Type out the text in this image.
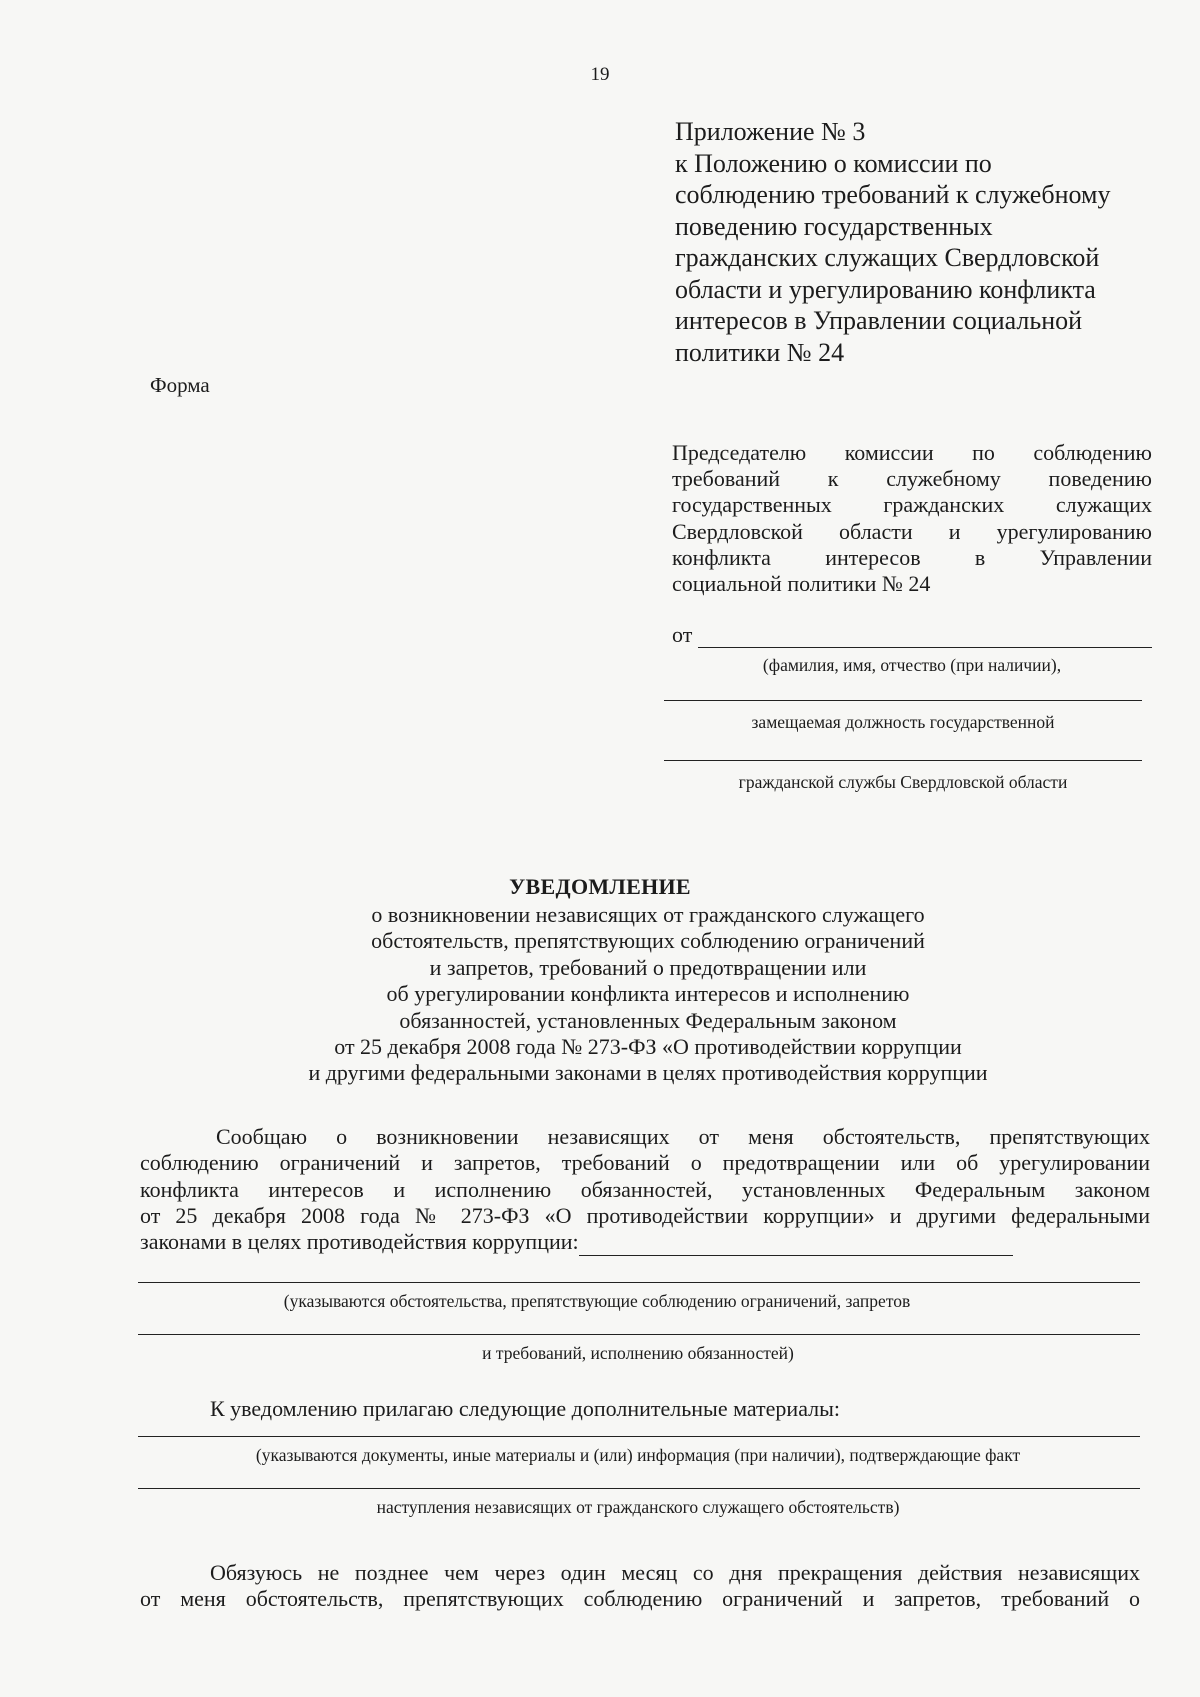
19
Приложение № 3
к Положению о комиссии по
соблюдению требований к служебному
поведению государственных
гражданских служащих Свердловской
области и урегулированию конфликта
интересов в Управлении социальной
политики № 24
Форма
Председателю комиссии по соблюдению
требований к служебному поведению
государственных гражданских служащих
Свердловской области и урегулированию
конфликта интересов в Управлении
социальной политики № 24
от
(фамилия, имя, отчество (при наличии),
замещаемая должность государственной
гражданской службы Свердловской области
УВЕДОМЛЕНИЕ
о возникновении независящих от гражданского служащего
обстоятельств, препятствующих соблюдению ограничений
и запретов, требований о предотвращении или
об урегулировании конфликта интересов и исполнению
обязанностей, установленных Федеральным законом
от 25 декабря 2008 года № 273-ФЗ «О противодействии коррупции
и другими федеральными законами в целях противодействия коррупции
Сообщаю о возникновении независящих от меня обстоятельств, препятствующих
соблюдению ограничений и запретов, требований о предотвращении или об урегулировании
конфликта интересов и исполнению обязанностей, установленных Федеральным законом
от 25 декабря 2008 года № 273-ФЗ «О противодействии коррупции» и другими федеральными
законами в целях противодействия коррупции:
(указываются обстоятельства, препятствующие соблюдению ограничений, запретов
и требований, исполнению обязанностей)
К уведомлению прилагаю следующие дополнительные материалы:
(указываются документы, иные материалы и (или) информация (при наличии), подтверждающие факт
наступления независящих от гражданского служащего обстоятельств)
Обязуюсь не позднее чем через один месяц со дня прекращения действия независящих
от меня обстоятельств, препятствующих соблюдению ограничений и запретов, требований о
